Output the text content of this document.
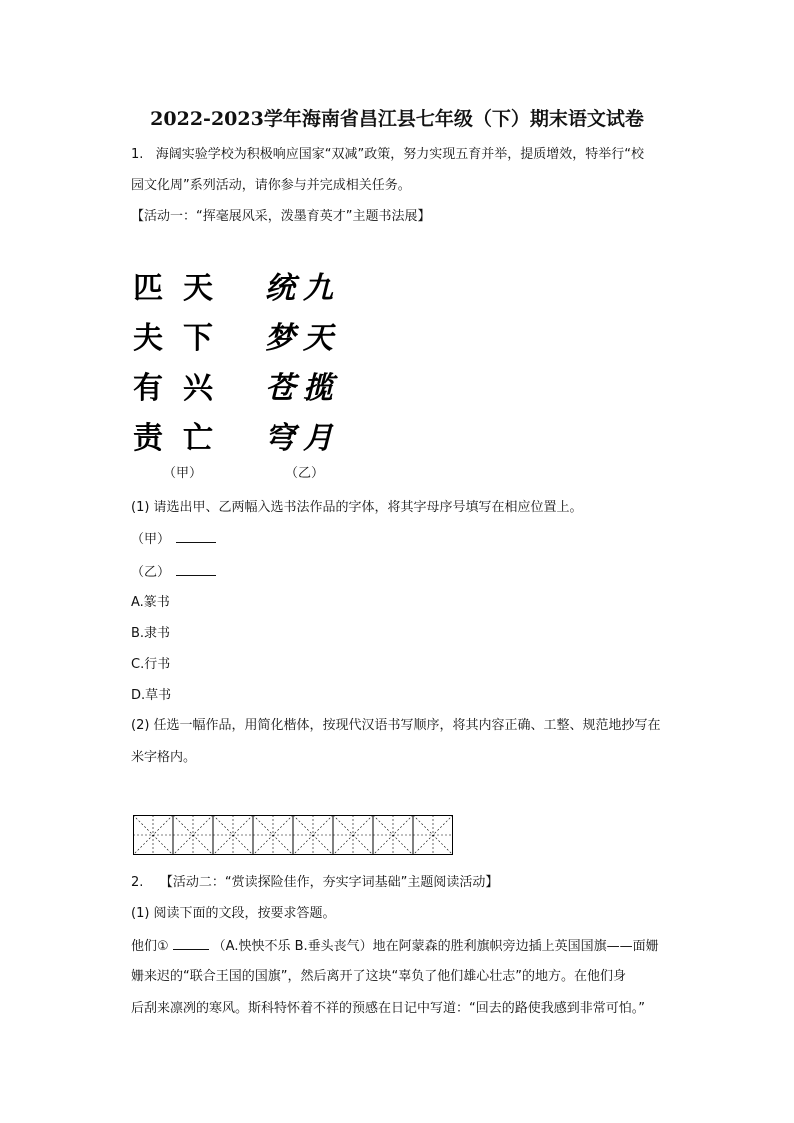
2022-2023学年海南省昌江县七年级（下）期末语文试卷
1.   海阔实验学校为积极响应国家“双减”政策，努力实现五育并举，提质增效，特举行“校
园文化周”系列活动，请你参与并完成相关任务。
【活动一：“挥毫展风采，泼墨育英才”主题书法展】
匹 天
夫 下
有 兴
责 亡
统 九
梦 天
苍 揽
穹 月
（甲）	（乙）
(1) 请选出甲、乙两幅入选书法作品的字体，将其字母序号填写在相应位置上。
（甲）
（乙）
A.篆书
B.隶书
C.行书
D.草书
(2) 任选一幅作品，用简化楷体，按现代汉语书写顺序，将其内容正确、工整、规范地抄写在
米字格内。
2.    【活动二：“赏读探险佳作，夯实字词基础”主题阅读活动】
(1) 阅读下面的文段，按要求答题。
他们①	（A.怏怏不乐 B.垂头丧气）地在阿蒙森的胜利旗帜旁边插上英国国旗——面姗
姗来迟的“联合王国的国旗”，然后离开了这块“辜负了他们雄心壮志”的地方。在他们身
后刮来凛冽的寒风。斯科特怀着不祥的预感在日记中写道：“回去的路使我感到非常可怕。”
